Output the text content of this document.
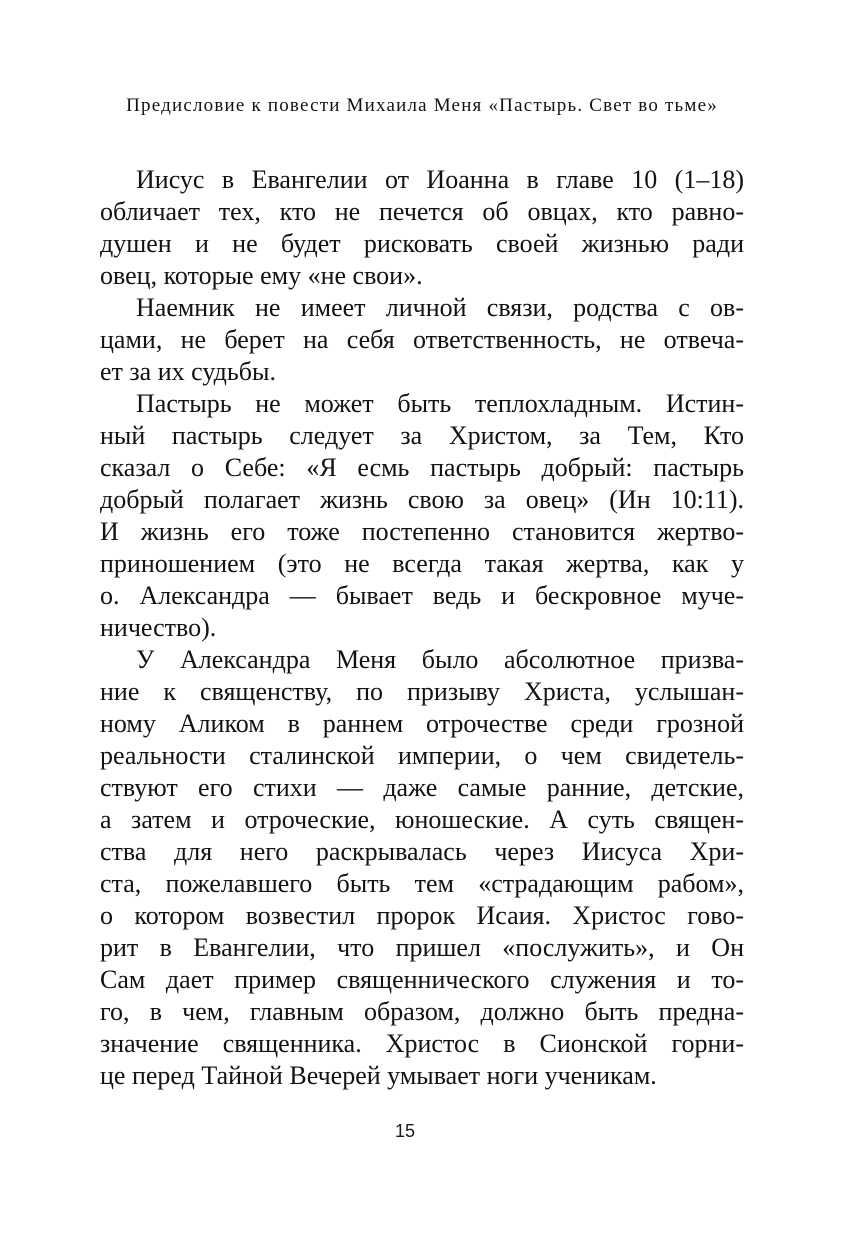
Предисловие к повести Михаила Меня «Пастырь. Свет во тьме»
Иисус в Евангелии от Иоанна в главе 10 (1–18)
обличает тех, кто не печется об овцах, кто равно-
душен и не будет рисковать своей жизнью ради
овец, которые ему «не свои».
Наемник не имеет личной связи, родства с ов-
цами, не берет на себя ответственность, не отвеча-
ет за их судьбы.
Пастырь не может быть теплохладным. Истин-
ный пастырь следует за Христом, за Тем, Кто
сказал о Себе: «Я есмь пастырь добрый: пастырь
добрый полагает жизнь свою за овец» (Ин 10:11).
И жизнь его тоже постепенно становится жертво-
приношением (это не всегда такая жертва, как у
о. Александра — бывает ведь и бескровное муче-
ничество).
У Александра Меня было абсолютное призва-
ние к священству, по призыву Христа, услышан-
ному Аликом в раннем отрочестве среди грозной
реальности сталинской империи, о чем свидетель-
ствуют его стихи — даже самые ранние, детские,
а затем и отроческие, юношеские. А суть священ-
ства для него раскрывалась через Иисуса Хри-
ста, пожелавшего быть тем «страдающим рабом»,
о котором возвестил пророк Исаия. Христос гово-
рит в Евангелии, что пришел «послужить», и Он
Сам дает пример священнического служения и то-
го, в чем, главным образом, должно быть предна-
значение священника. Христос в Сионской горни-
це перед Тайной Вечерей умывает ноги ученикам.
15
